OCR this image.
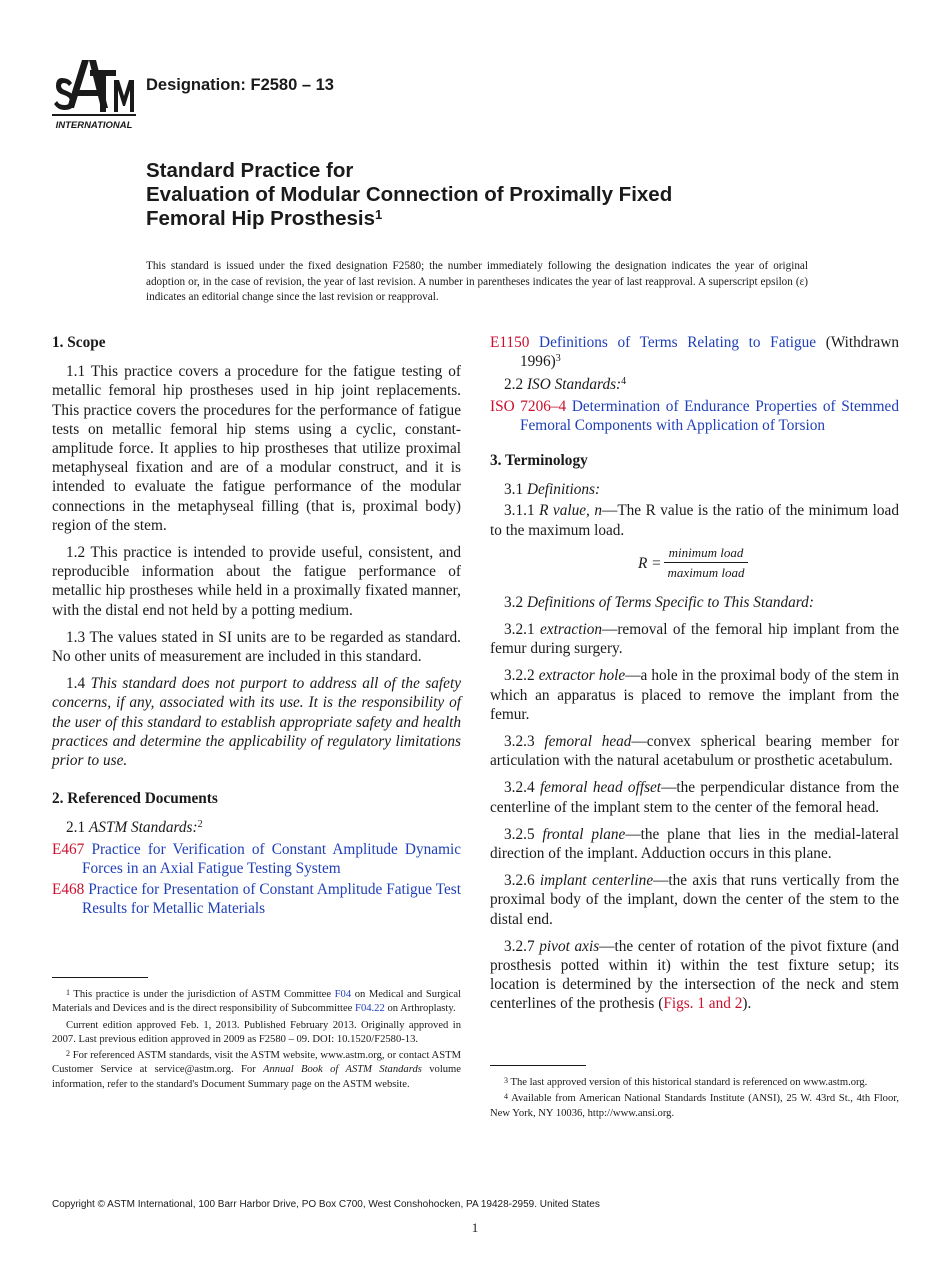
INTERNATIONAL
Designation: F2580 – 13
Standard Practice for
Evaluation of Modular Connection of Proximally Fixed
Femoral Hip Prosthesis$^1$
This standard is issued under the fixed designation F2580; the number immediately following the designation indicates the year of original adoption or, in the case of revision, the year of last revision. A number in parentheses indicates the year of last reapproval. A superscript epsilon (ε) indicates an editorial change since the last revision or reapproval.
1. Scope

1.1 This practice covers a procedure for the fatigue testing of metallic femoral hip prostheses used in hip joint replacements. This practice covers the procedures for the performance of fatigue tests on metallic femoral hip stems using a cyclic, constant-amplitude force. It applies to hip prostheses that utilize proximal metaphyseal fixation and are of a modular construct, and it is intended to evaluate the fatigue performance of the modular connections in the metaphyseal filling (that is, proximal body) region of the stem.

1.2 This practice is intended to provide useful, consistent, and reproducible information about the fatigue performance of metallic hip prostheses while held in a proximally fixated manner, with the distal end not held by a potting medium.

1.3 The values stated in SI units are to be regarded as standard. No other units of measurement are included in this standard.

1.4 This standard does not purport to address all of the safety concerns, if any, associated with its use. It is the responsibility of the user of this standard to establish appropriate safety and health practices and determine the applicability of regulatory limitations prior to use.

2. Referenced Documents

2.1 ASTM Standards:$^2$

E467 Practice for Verification of Constant Amplitude Dynamic Forces in an Axial Fatigue Testing System

E468 Practice for Presentation of Constant Amplitude Fatigue Test Results for Metallic Materials

E1150 Definitions of Terms Relating to Fatigue (Withdrawn 1996)$^3$

2.2 ISO Standards:$^4$

ISO 7206–4 Determination of Endurance Properties of Stemmed Femoral Components with Application of Torsion

3. Terminology

3.1 Definitions:

3.1.1 R value, n—The R value is the ratio of the minimum load to the maximum load.

R =
minimum load
maximum load

3.2 Definitions of Terms Specific to This Standard:

3.2.1 extraction—removal of the femoral hip implant from the femur during surgery.

3.2.2 extractor hole—a hole in the proximal body of the stem in which an apparatus is placed to remove the implant from the femur.

3.2.3 femoral head—convex spherical bearing member for articulation with the natural acetabulum or prosthetic acetabulum.

3.2.4 femoral head offset—the perpendicular distance from the centerline of the implant stem to the center of the femoral head.

3.2.5 frontal plane—the plane that lies in the medial-lateral direction of the implant. Adduction occurs in this plane.

3.2.6 implant centerline—the axis that runs vertically from the proximal body of the implant, down the center of the stem to the distal end.

3.2.7 pivot axis—the center of rotation of the pivot fixture (and prosthesis potted within it) within the test fixture setup; its location is determined by the intersection of the neck and stem centerlines of the prothesis (Figs. 1 and 2).

$^1$ This practice is under the jurisdiction of ASTM Committee F04 on Medical and Surgical Materials and Devices and is the direct responsibility of Subcommittee F04.22 on Arthroplasty.

Current edition approved Feb. 1, 2013. Published February 2013. Originally approved in 2007. Last previous edition approved in 2009 as F2580 – 09. DOI: 10.1520/F2580-13.

$^2$ For referenced ASTM standards, visit the ASTM website, www.astm.org, or contact ASTM Customer Service at service@astm.org. For Annual Book of ASTM Standards volume information, refer to the standard's Document Summary page on the ASTM website.	$^3$ The last approved version of this historical standard is referenced on www.astm.org.

$^4$ Available from American National Standards Institute (ANSI), 25 W. 43rd St., 4th Floor, New York, NY 10036, http://www.ansi.org.

Copyright © ASTM International, 100 Barr Harbor Drive, PO Box C700, West Conshohocken, PA 19428-2959. United States
1
